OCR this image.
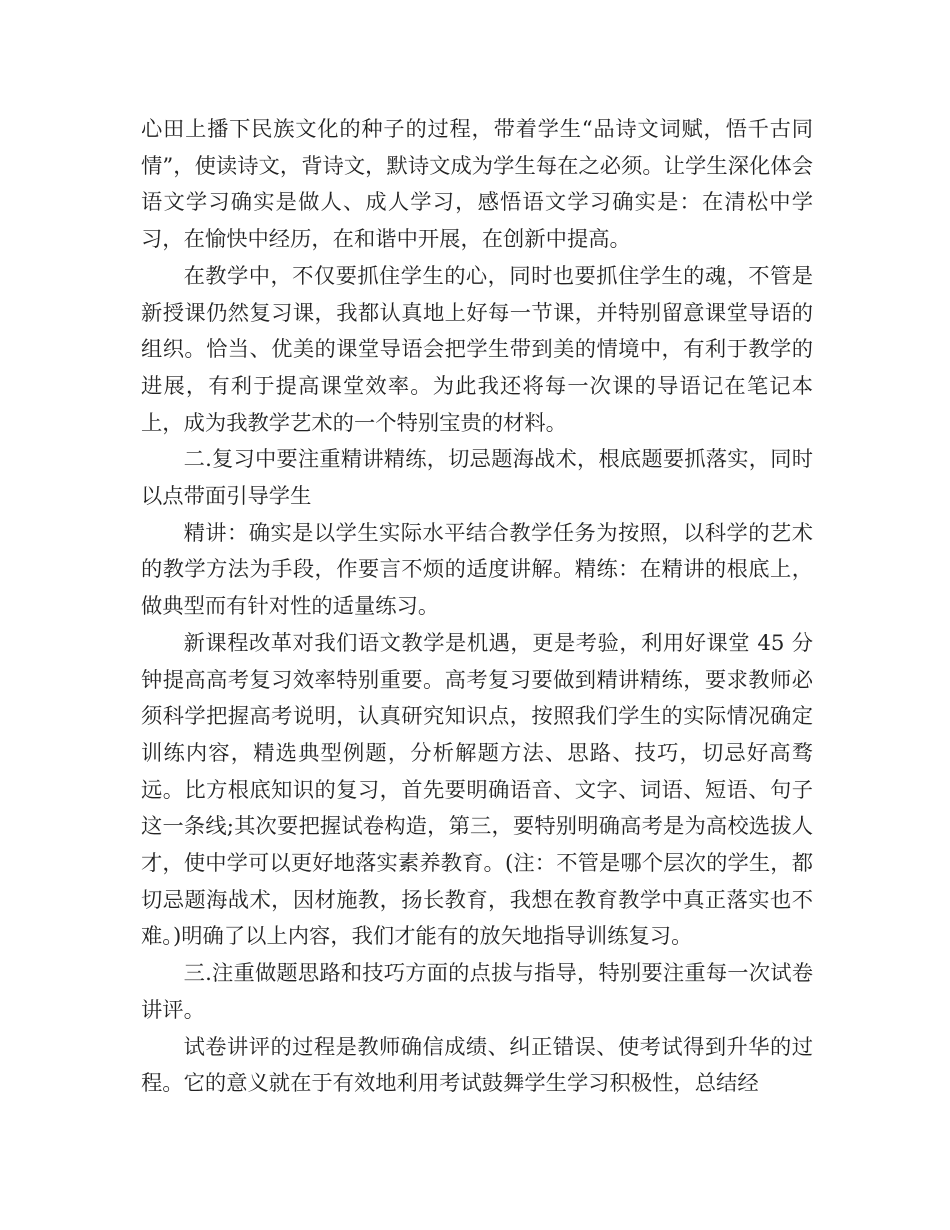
心田上播下民族文化的种子的过程，带着学生“品诗文词赋，悟千古同情”，使读诗文，背诗文，默诗文成为学生每在之必须。让学生深化体会语文学习确实是做人、成人学习，感悟语文学习确实是：在清松中学习，在愉快中经历，在和谐中开展，在创新中提高。

在教学中，不仅要抓住学生的心，同时也要抓住学生的魂，不管是新授课仍然复习课，我都认真地上好每一节课，并特别留意课堂导语的组织。恰当、优美的课堂导语会把学生带到美的情境中，有利于教学的进展，有利于提高课堂效率。为此我还将每一次课的导语记在笔记本上，成为我教学艺术的一个特别宝贵的材料。

二.复习中要注重精讲精练，切忌题海战术，根底题要抓落实，同时以点带面引导学生

精讲：确实是以学生实际水平结合教学任务为按照，以科学的艺术的教学方法为手段，作要言不烦的适度讲解。精练：在精讲的根底上，做典型而有针对性的适量练习。

新课程改革对我们语文教学是机遇，更是考验，利用好课堂 45 分钟提高高考复习效率特别重要。高考复习要做到精讲精练，要求教师必须科学把握高考说明，认真研究知识点，按照我们学生的实际情况确定训练内容，精选典型例题，分析解题方法、思路、技巧，切忌好高骛远。比方根底知识的复习，首先要明确语音、文字、词语、短语、句子这一条线;其次要把握试卷构造，第三，要特别明确高考是为高校选拔人才，使中学可以更好地落实素养教育。(注：不管是哪个层次的学生，都切忌题海战术，因材施教，扬长教育，我想在教育教学中真正落实也不难。)明确了以上内容，我们才能有的放矢地指导训练复习。

三.注重做题思路和技巧方面的点拔与指导，特别要注重每一次试卷讲评。

试卷讲评的过程是教师确信成绩、纠正错误、使考试得到升华的过程。它的意义就在于有效地利用考试鼓舞学生学习积极性，总结经
